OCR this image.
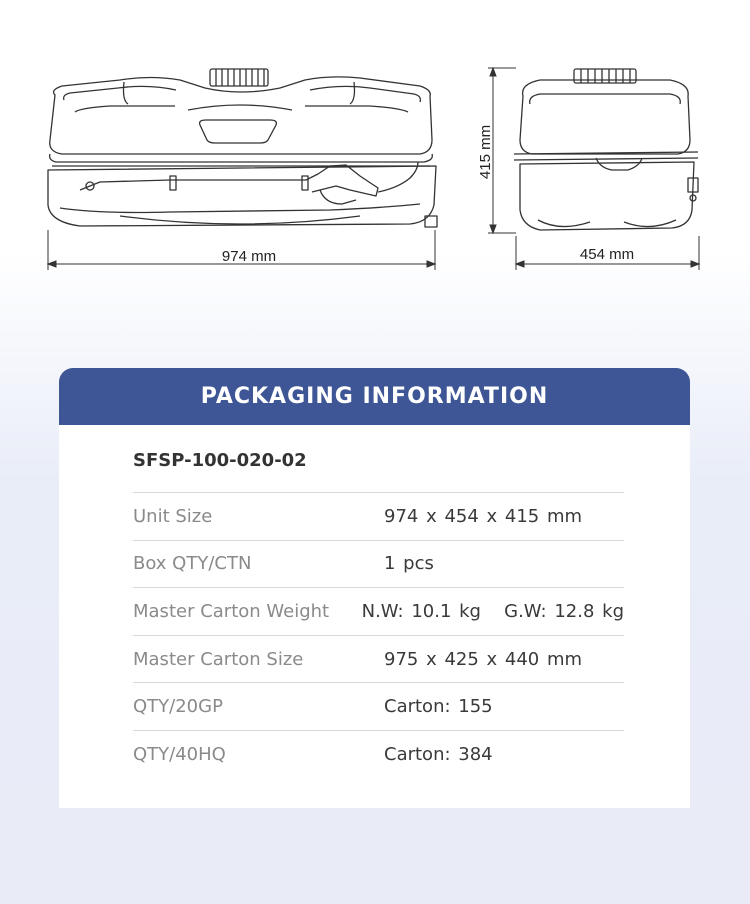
974 mm	454 mm
415 mm
PACKAGING INFORMATION
SFSP-100-020-02
Unit Size	974 x 454 x 415 mm
Box QTY/CTN	1 pcs
Master Carton Weight	N.W: 10.1 kg   G.W: 12.8 kg
Master Carton Size	975 x 425 x 440 mm
QTY/20GP	Carton: 155
QTY/40HQ	Carton: 384
